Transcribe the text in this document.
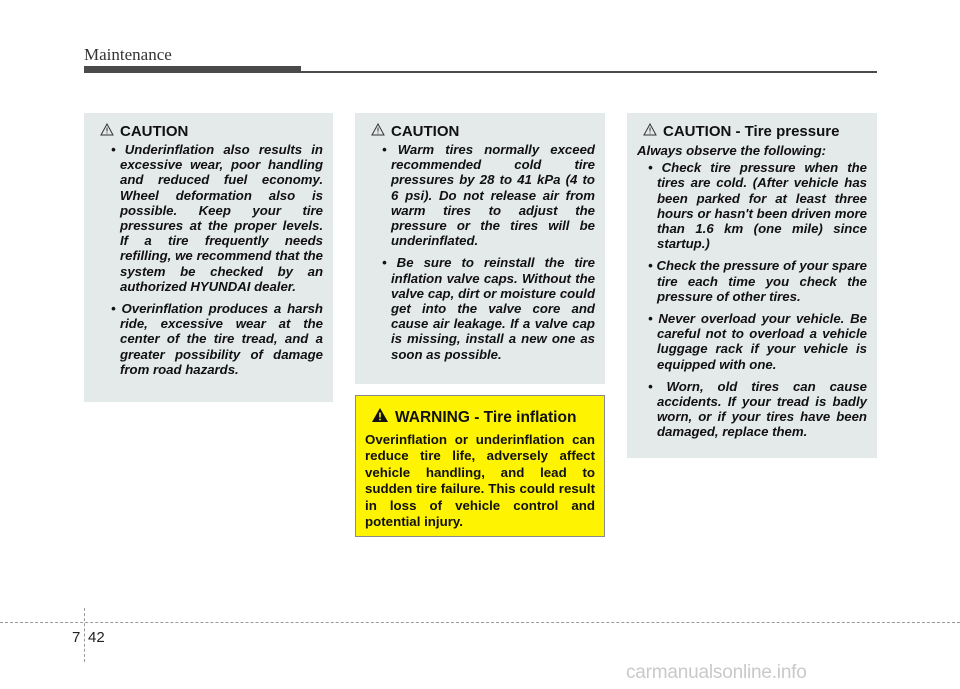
Maintenance
CAUTION
• Underinflation also results in excessive wear, poor handling and reduced fuel economy. Wheel deformation also is possible. Keep your tire pressures at the proper levels. If a tire frequently needs refilling, we recommend that the system be checked by an authorized HYUNDAI dealer.
• Overinflation produces a harsh ride, excessive wear at the center of the tire tread, and a greater possibility of damage from road hazards.
CAUTION
• Warm tires normally exceed recommended cold tire pressures by 28 to 41 kPa (4 to 6 psi). Do not release air from warm tires to adjust the pressure or the tires will be underinflated.
• Be sure to reinstall the tire inflation valve caps. Without the valve cap, dirt or moisture could get into the valve core and cause air leakage. If a valve cap is missing, install a new one as soon as possible.
WARNING - Tire inflation
Overinflation or underinflation can reduce tire life, adversely affect vehicle handling, and lead to sudden tire failure. This could result in loss of vehicle control and potential injury.
CAUTION - Tire pressure
Always observe the following:
• Check tire pressure when the tires are cold. (After vehicle has been parked for at least three hours or hasn't been driven more than 1.6 km (one mile) since startup.)
• Check the pressure of your spare tire each time you check the pressure of other tires.
• Never overload your vehicle. Be careful not to overload a vehicle luggage rack if your vehicle is equipped with one.
• Worn, old tires can cause accidents. If your tread is badly worn, or if your tires have been damaged, replace them.
7 42
carmanualsonline.info
